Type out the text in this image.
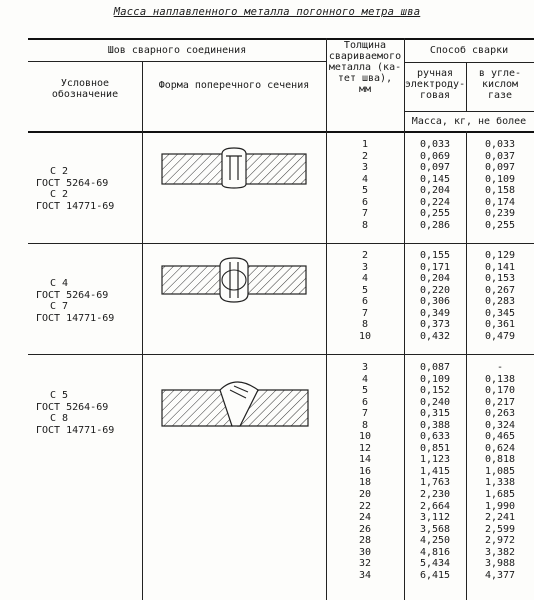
Масса наплавленного металла погонного метра шва
Шов сварного соединения
Условное
обозначение
Форма поперечного сечения
Толщина
свариваемого
металла (ка-
тет шва),
мм
Способ сварки
ручная
электроду-
говая
в угле-
кислом
газе
Масса, кг, не более
С 2
ГОСТ 5264-69
С 2
ГОСТ 14771-69
1
2
3
4
5
6
7
8
0,033
0,069
0,097
0,145
0,204
0,224
0,255
0,286
0,033
0,037
0,097
0,109
0,158
0,174
0,239
0,255
С 4
ГОСТ 5264-69
С 7
ГОСТ 14771-69
2
3
4
5
6
7
8
10
0,155
0,171
0,204
0,220
0,306
0,349
0,373
0,432
0,129
0,141
0,153
0,267
0,283
0,345
0,361
0,479
С 5
ГОСТ 5264-69
С 8
ГОСТ 14771-69
3
4
5
6
7
8
10
12
14
16
18
20
22
24
26
28
30
32
34
0,087
0,109
0,152
0,240
0,315
0,388
0,633
0,851
1,123
1,415
1,763
2,230
2,664
3,112
3,568
4,250
4,816
5,434
6,415
-
0,138
0,170
0,217
0,263
0,324
0,465
0,624
0,818
1,085
1,338
1,685
1,990
2,241
2,599
2,972
3,382
3,988
4,377
